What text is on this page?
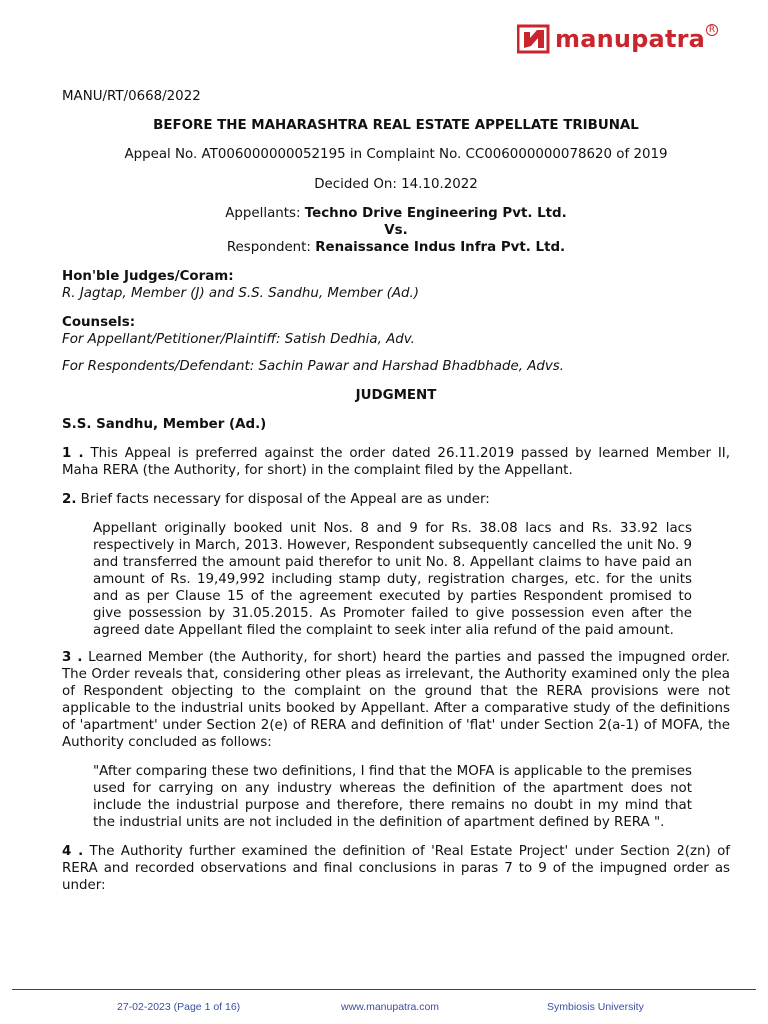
manupatra R

MANU/RT/0668/2022

BEFORE THE MAHARASHTRA REAL ESTATE APPELLATE TRIBUNAL

Appeal No. AT006000000052195 in Complaint No. CC006000000078620 of 2019

Decided On: 14.10.2022

Appellants: Techno Drive Engineering Pvt. Ltd.

Vs.

Respondent: Renaissance Indus Infra Pvt. Ltd.

Hon'ble Judges/Coram:

R. Jagtap, Member (J) and S.S. Sandhu, Member (Ad.)

Counsels:

For Appellant/Petitioner/Plaintiff: Satish Dedhia, Adv.

For Respondents/Defendant: Sachin Pawar and Harshad Bhadbhade, Advs.

JUDGMENT

S.S. Sandhu, Member (Ad.)

1 . This Appeal is preferred against the order dated 26.11.2019 passed by learned Member II, Maha RERA (the Authority, for short) in the complaint filed by the Appellant.

2. Brief facts necessary for disposal of the Appeal are as under:

Appellant originally booked unit Nos. 8 and 9 for Rs. 38.08 lacs and Rs. 33.92 lacs respectively in March, 2013. However, Respondent subsequently cancelled the unit No. 9 and transferred the amount paid therefor to unit No. 8. Appellant claims to have paid an amount of Rs. 19,49,992 including stamp duty, registration charges, etc. for the units and as per Clause 15 of the agreement executed by parties Respondent promised to give possession by 31.05.2015. As Promoter failed to give possession even after the agreed date Appellant filed the complaint to seek inter alia refund of the paid amount.

3 . Learned Member (the Authority, for short) heard the parties and passed the impugned order. The Order reveals that, considering other pleas as irrelevant, the Authority examined only the plea of Respondent objecting to the complaint on the ground that the RERA provisions were not applicable to the industrial units booked by Appellant. After a comparative study of the definitions of 'apartment' under Section 2(e) of RERA and definition of 'flat' under Section 2(a-1) of MOFA, the Authority concluded as follows:

"After comparing these two definitions, I find that the MOFA is applicable to the premises used for carrying on any industry whereas the definition of the apartment does not include the industrial purpose and therefore, there remains no doubt in my mind that the industrial units are not included in the definition of apartment defined by RERA ".

4 . The Authority further examined the definition of 'Real Estate Project' under Section 2(zn) of RERA and recorded observations and final conclusions in paras 7 to 9 of the impugned order as under:

27-02-2023 (Page 1 of 16)	www.manupatra.com	Symbiosis University
